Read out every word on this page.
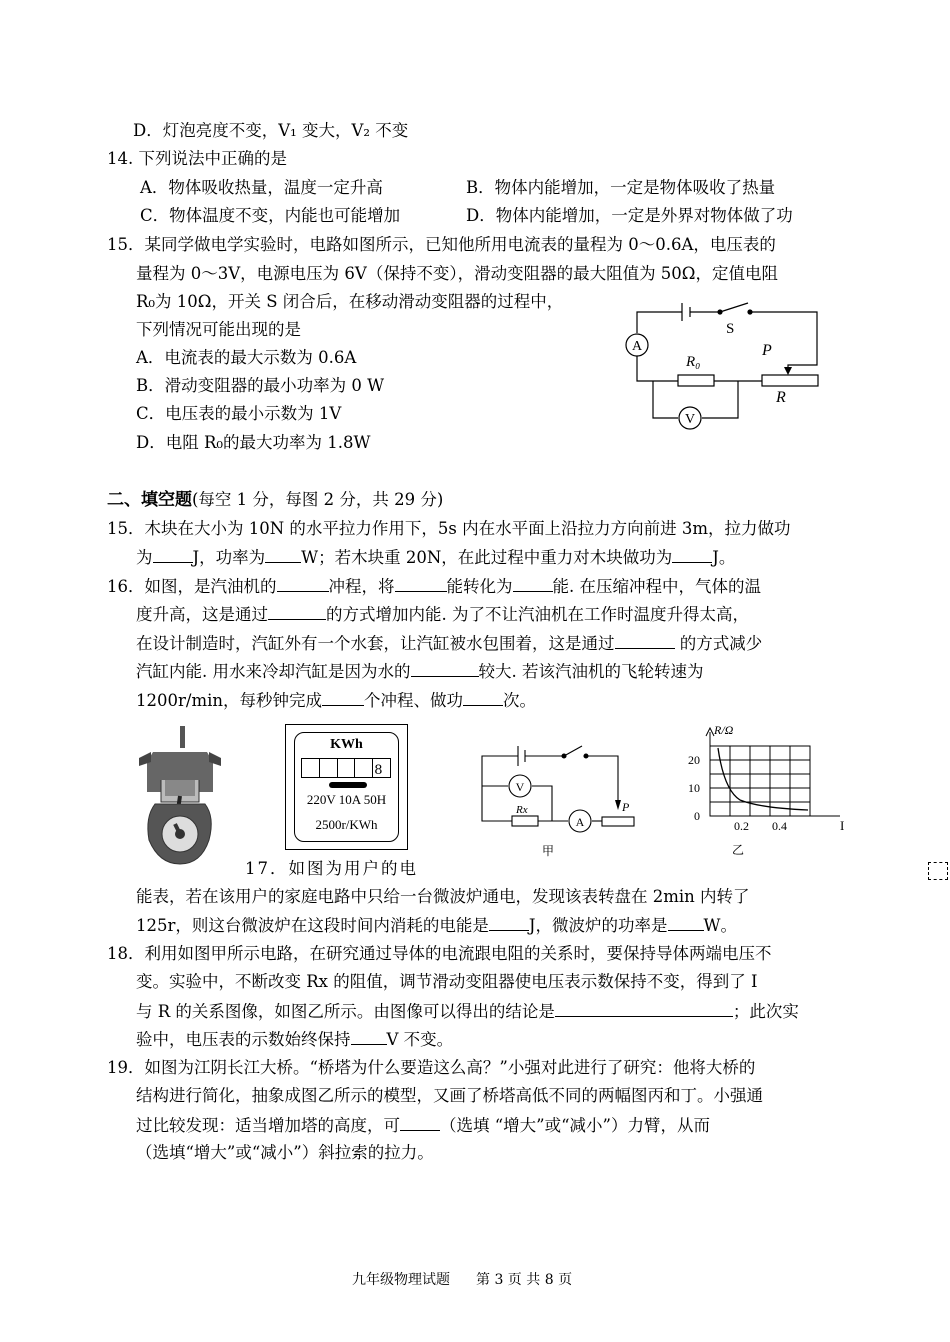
D．灯泡亮度不变，V₁ 变大，V₂ 不变
14. 下列说法中正确的是
A．物体吸收热量，温度一定升高	B．物体内能增加，一定是物体吸收了热量
C．物体温度不变，内能也可能增加	D．物体内能增加，一定是外界对物体做了功
15．某同学做电学实验时，电路如图所示，已知他所用电流表的量程为 0～0.6A，电压表的
量程为 0～3V，电源电压为 6V（保持不变），滑动变阻器的最大阻值为 50Ω，定值电阻
R₀为 10Ω，开关 S 闭合后，在移动滑动变阻器的过程中，
下列情况可能出现的是
A．电流表的最大示数为 0.6A
B．滑动变阻器的最小功率为 0 W
C．电压表的最小示数为 1V
D．电阻 R₀的最大功率为 1.8W
A
V
S
R₀
P
R
二、填空题(每空 1 分，每图 2 分，共 29 分)
15．木块在大小为 10N 的水平拉力作用下，5s 内在水平面上沿拉力方向前进 3m，拉力做功
为 J，功率为 W；若木块重 20N，在此过程中重力对木块做功为 J。
16．如图，是汽油机的	冲程，将	能转化为 能. 在压缩冲程中，气体的温
度升高，这是通过	的方式增加内能. 为了不让汽油机在工作时温度升得太高，
在设计制造时，汽缸外有一个水套，让汽缸被水包围着，这是通过	的方式减少
汽缸内能. 用水来冷却汽缸是因为水的	较大. 若该汽油机的飞轮转速为
1200r/min，每秒钟完成	个冲程、做功 次。
KWh
8
220V 10A 50H
2500r/KWh
V
A
Rx	P
甲
R/Ω
20
10
0
0.2 0.4	I
乙
17．如图为用户的电
能表，若在该用户的家庭电路中只给一台微波炉通电，发现该表转盘在 2min 内转了
125r，则这台微波炉在这段时间内消耗的电能是 J，微波炉的功率是 W。
18．利用如图甲所示电路，在研究通过导体的电流跟电阻的关系时，要保持导体两端电压不
变。实验中，不断改变 Rx 的阻值，调节滑动变阻器使电压表示数保持不变，得到了 I
与 R 的关系图像，如图乙所示。由图像可以得出的结论是	；此次实
验中，电压表的示数始终保持 V 不变。
19．如图为江阴长江大桥。“桥塔为什么要造这么高？”小强对此进行了研究：他将大桥的
结构进行简化，抽象成图乙所示的模型，又画了桥塔高低不同的两幅图丙和丁。小强通
过比较发现：适当增加塔的高度，可 （选填 “增大”或“减小”）力臂，从而
（选填“增大”或“减小”）斜拉索的拉力。
九年级物理试题 第 3 页 共 8 页
